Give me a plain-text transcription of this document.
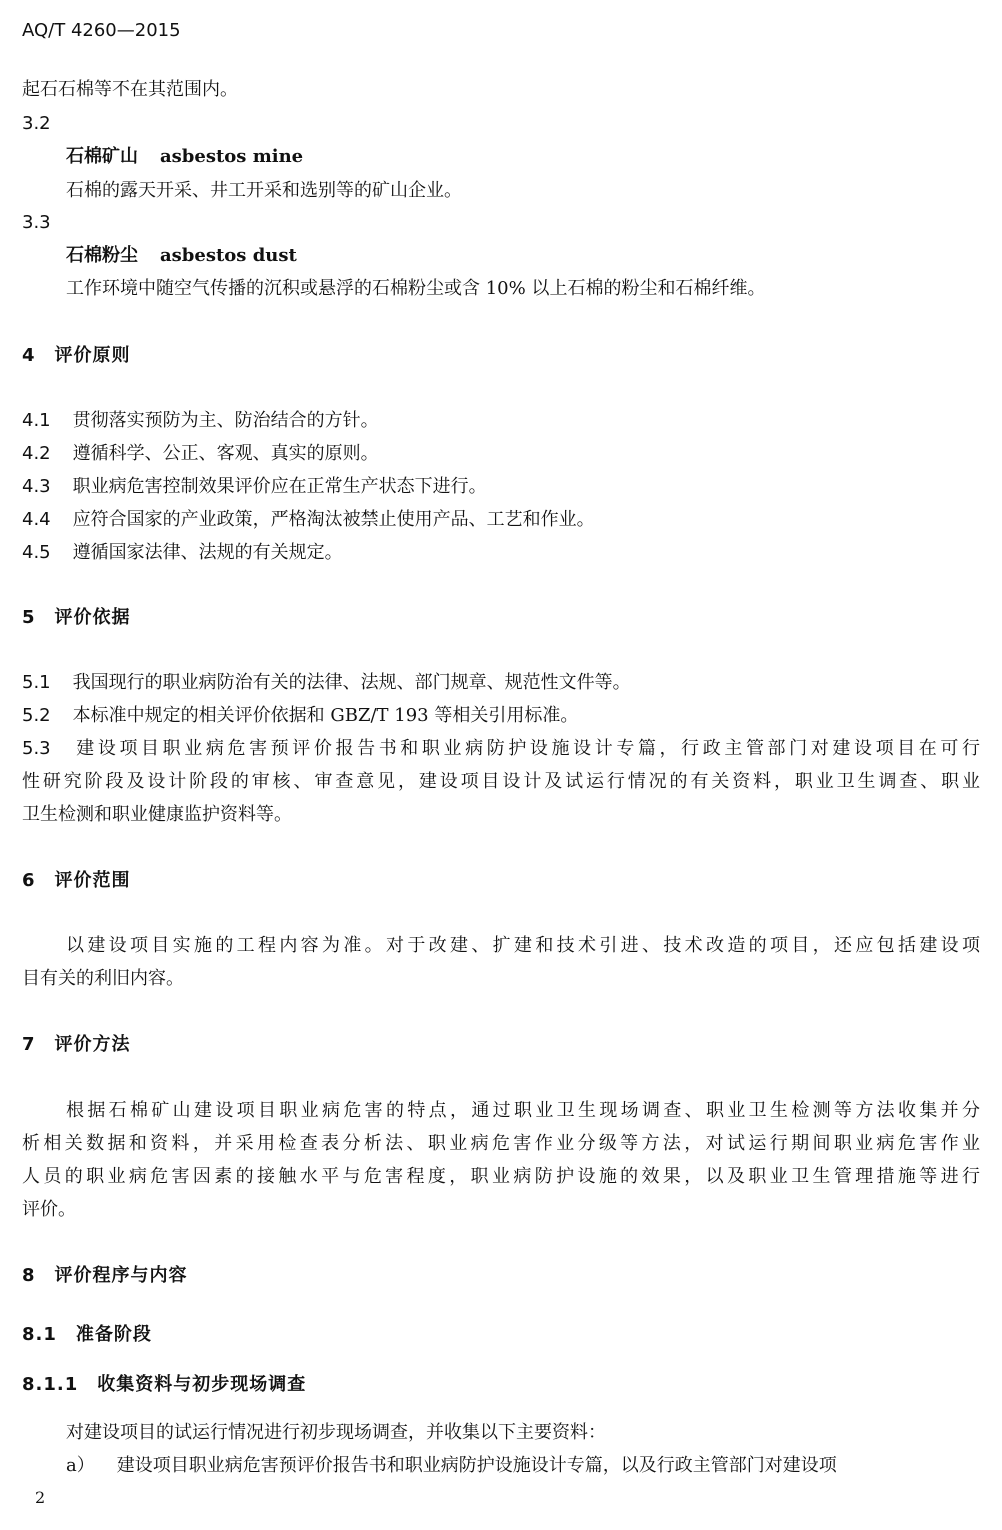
AQ/T 4260—2015
起石石棉等不在其范围内。
3.2
石棉矿山 asbestos mine
石棉的露天开采、井工开采和选别等的矿山企业。
3.3
石棉粉尘 asbestos dust
工作环境中随空气传播的沉积或悬浮的石棉粉尘或含 10% 以上石棉的粉尘和石棉纤维。
4　评价原则
4.1 贯彻落实预防为主、防治结合的方针。
4.2 遵循科学、公正、客观、真实的原则。
4.3 职业病危害控制效果评价应在正常生产状态下进行。
4.4 应符合国家的产业政策，严格淘汰被禁止使用产品、工艺和作业。
4.5 遵循国家法律、法规的有关规定。
5　评价依据
5.1 我国现行的职业病防治有关的法律、法规、部门规章、规范性文件等。
5.2 本标准中规定的相关评价依据和 GBZ/T 193 等相关引用标准。
5.3 建设项目职业病危害预评价报告书和职业病防护设施设计专篇，行政主管部门对建设项目在可行
性研究阶段及设计阶段的审核、审查意见，建设项目设计及试运行情况的有关资料，职业卫生调查、职业
卫生检测和职业健康监护资料等。
6　评价范围
以建设项目实施的工程内容为准。对于改建、扩建和技术引进、技术改造的项目，还应包括建设项
目有关的利旧内容。
7　评价方法
根据石棉矿山建设项目职业病危害的特点，通过职业卫生现场调查、职业卫生检测等方法收集并分
析相关数据和资料，并采用检查表分析法、职业病危害作业分级等方法，对试运行期间职业病危害作业
人员的职业病危害因素的接触水平与危害程度，职业病防护设施的效果，以及职业卫生管理措施等进行
评价。
8　评价程序与内容
8.1　准备阶段
8.1.1　收集资料与初步现场调查
对建设项目的试运行情况进行初步现场调查，并收集以下主要资料：
a） 建设项目职业病危害预评价报告书和职业病防护设施设计专篇，以及行政主管部门对建设项
2
